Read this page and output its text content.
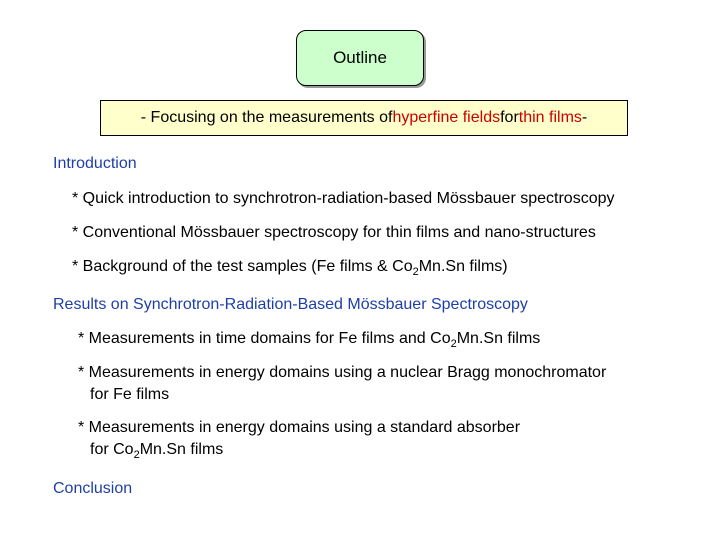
Outline
- Focusing on the measurements of hyperfine fields for thin films -
Introduction
* Quick introduction to synchrotron-radiation-based Mössbauer spectroscopy
* Conventional Mössbauer spectroscopy for thin films and nano-structures
* Background of the test samples (Fe films & $Co_2Mn.Sn$ films)
Results on Synchrotron-Radiation-Based Mössbauer Spectroscopy
* Measurements in time domains for Fe films and $Co_2Mn.Sn$ films
* Measurements in energy domains using a nuclear Bragg monochromator
for Fe films
* Measurements in energy domains using a standard absorber
for $Co_2Mn.Sn$ films
Conclusion
